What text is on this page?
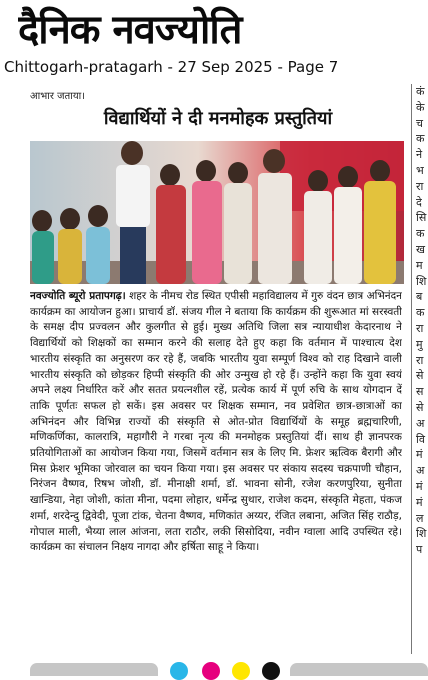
दैनिक नवज्योति
Chittogarh-pratagarh - 27 Sep 2025 - Page 7
आभार जताया।	कं
के
च
क
ने
भ
रा
दे
सि
क
ख
म
शि
ब
क
रा
मु
रा
से
स
से
अ
वि
मं
अ
मं
मं
ल
शि
प
विद्यार्थियों ने दी मनमोहक प्रस्तुतियां
नवज्योति ब्यूरो प्रतापगढ़। शहर के नीमच रोड स्थित एपीसी महाविद्यालय में गुरु वंदन छात्र अभिनंदन कार्यक्रम का आयोजन हुआ। प्राचार्य डॉ. संजय गील ने बताया कि कार्यक्रम की शुरूआत मां सरस्वती के समक्ष दीप प्रज्वलन और कुलगीत से हुई। मुख्य अतिथि जिला सत्र न्यायाधीश केदारनाथ ने विद्यार्थियों को शिक्षकों का सम्मान करने की सलाह देते हुए कहा कि वर्तमान में पाश्चात्य देश भारतीय संस्कृति का अनुसरण कर रहे हैं, जबकि भारतीय युवा सम्पूर्ण विश्व को राह दिखाने वाली भारतीय संस्कृति को छोड़कर हिप्पी संस्कृति की ओर उन्मुख हो रहे हैं। उन्होंने कहा कि युवा स्वयं अपने लक्ष्य निर्धारित करें और सतत प्रयत्नशील रहें, प्रत्येक कार्य में पूर्ण रुचि के साथ योगदान दें ताकि पूर्णतः सफल हो सकें। इस अवसर पर शिक्षक सम्मान, नव प्रवेशित छात्र-छात्राओं का अभिनंदन और विभिन्न राज्यों की संस्कृति से ओत-प्रोत विद्यार्थियों के समूह ब्रह्मचारिणी, मणिकर्णिका, कालरात्रि, महागौरी ने गरबा नृत्य की मनमोहक प्रस्तुतियां दीं। साथ ही ज्ञानपरक प्रतियोगिताओं का आयोजन किया गया, जिसमें वर्तमान सत्र के लिए मि. फ्रेशर ऋत्विक बैरागी और मिस फ्रेशर भूमिका जोरवाल का चयन किया गया। इस अवसर पर संकाय सदस्य चक्रपाणी चौहान, निरंजन वैष्णव, रिषभ जोशी, डॉ. मीनाक्षी शर्मा, डॉ. भावना सोनी, रजेश करणपुरिया, सुनीता खान्डिया, नेहा जोशी, कांता मीना, पदमा लोहार, धर्मेन्द्र सुथार, राजेश कदम, संस्कृति मेहता, पंकज शर्मा, शरदेन्दु द्विवेदी, पूजा टांक, चेतना वैष्णव, मणिकांत अय्यर, रंजित लबाना, अजित सिंह राठौड़, गोपाल माली, भैय्या लाल आंजना, लता राठौर, लकी सिसोदिया, नवीन ग्वाला आदि उपस्थित रहे। कार्यक्रम का संचालन निक्षय नागदा और हर्षिता साहू ने किया।
